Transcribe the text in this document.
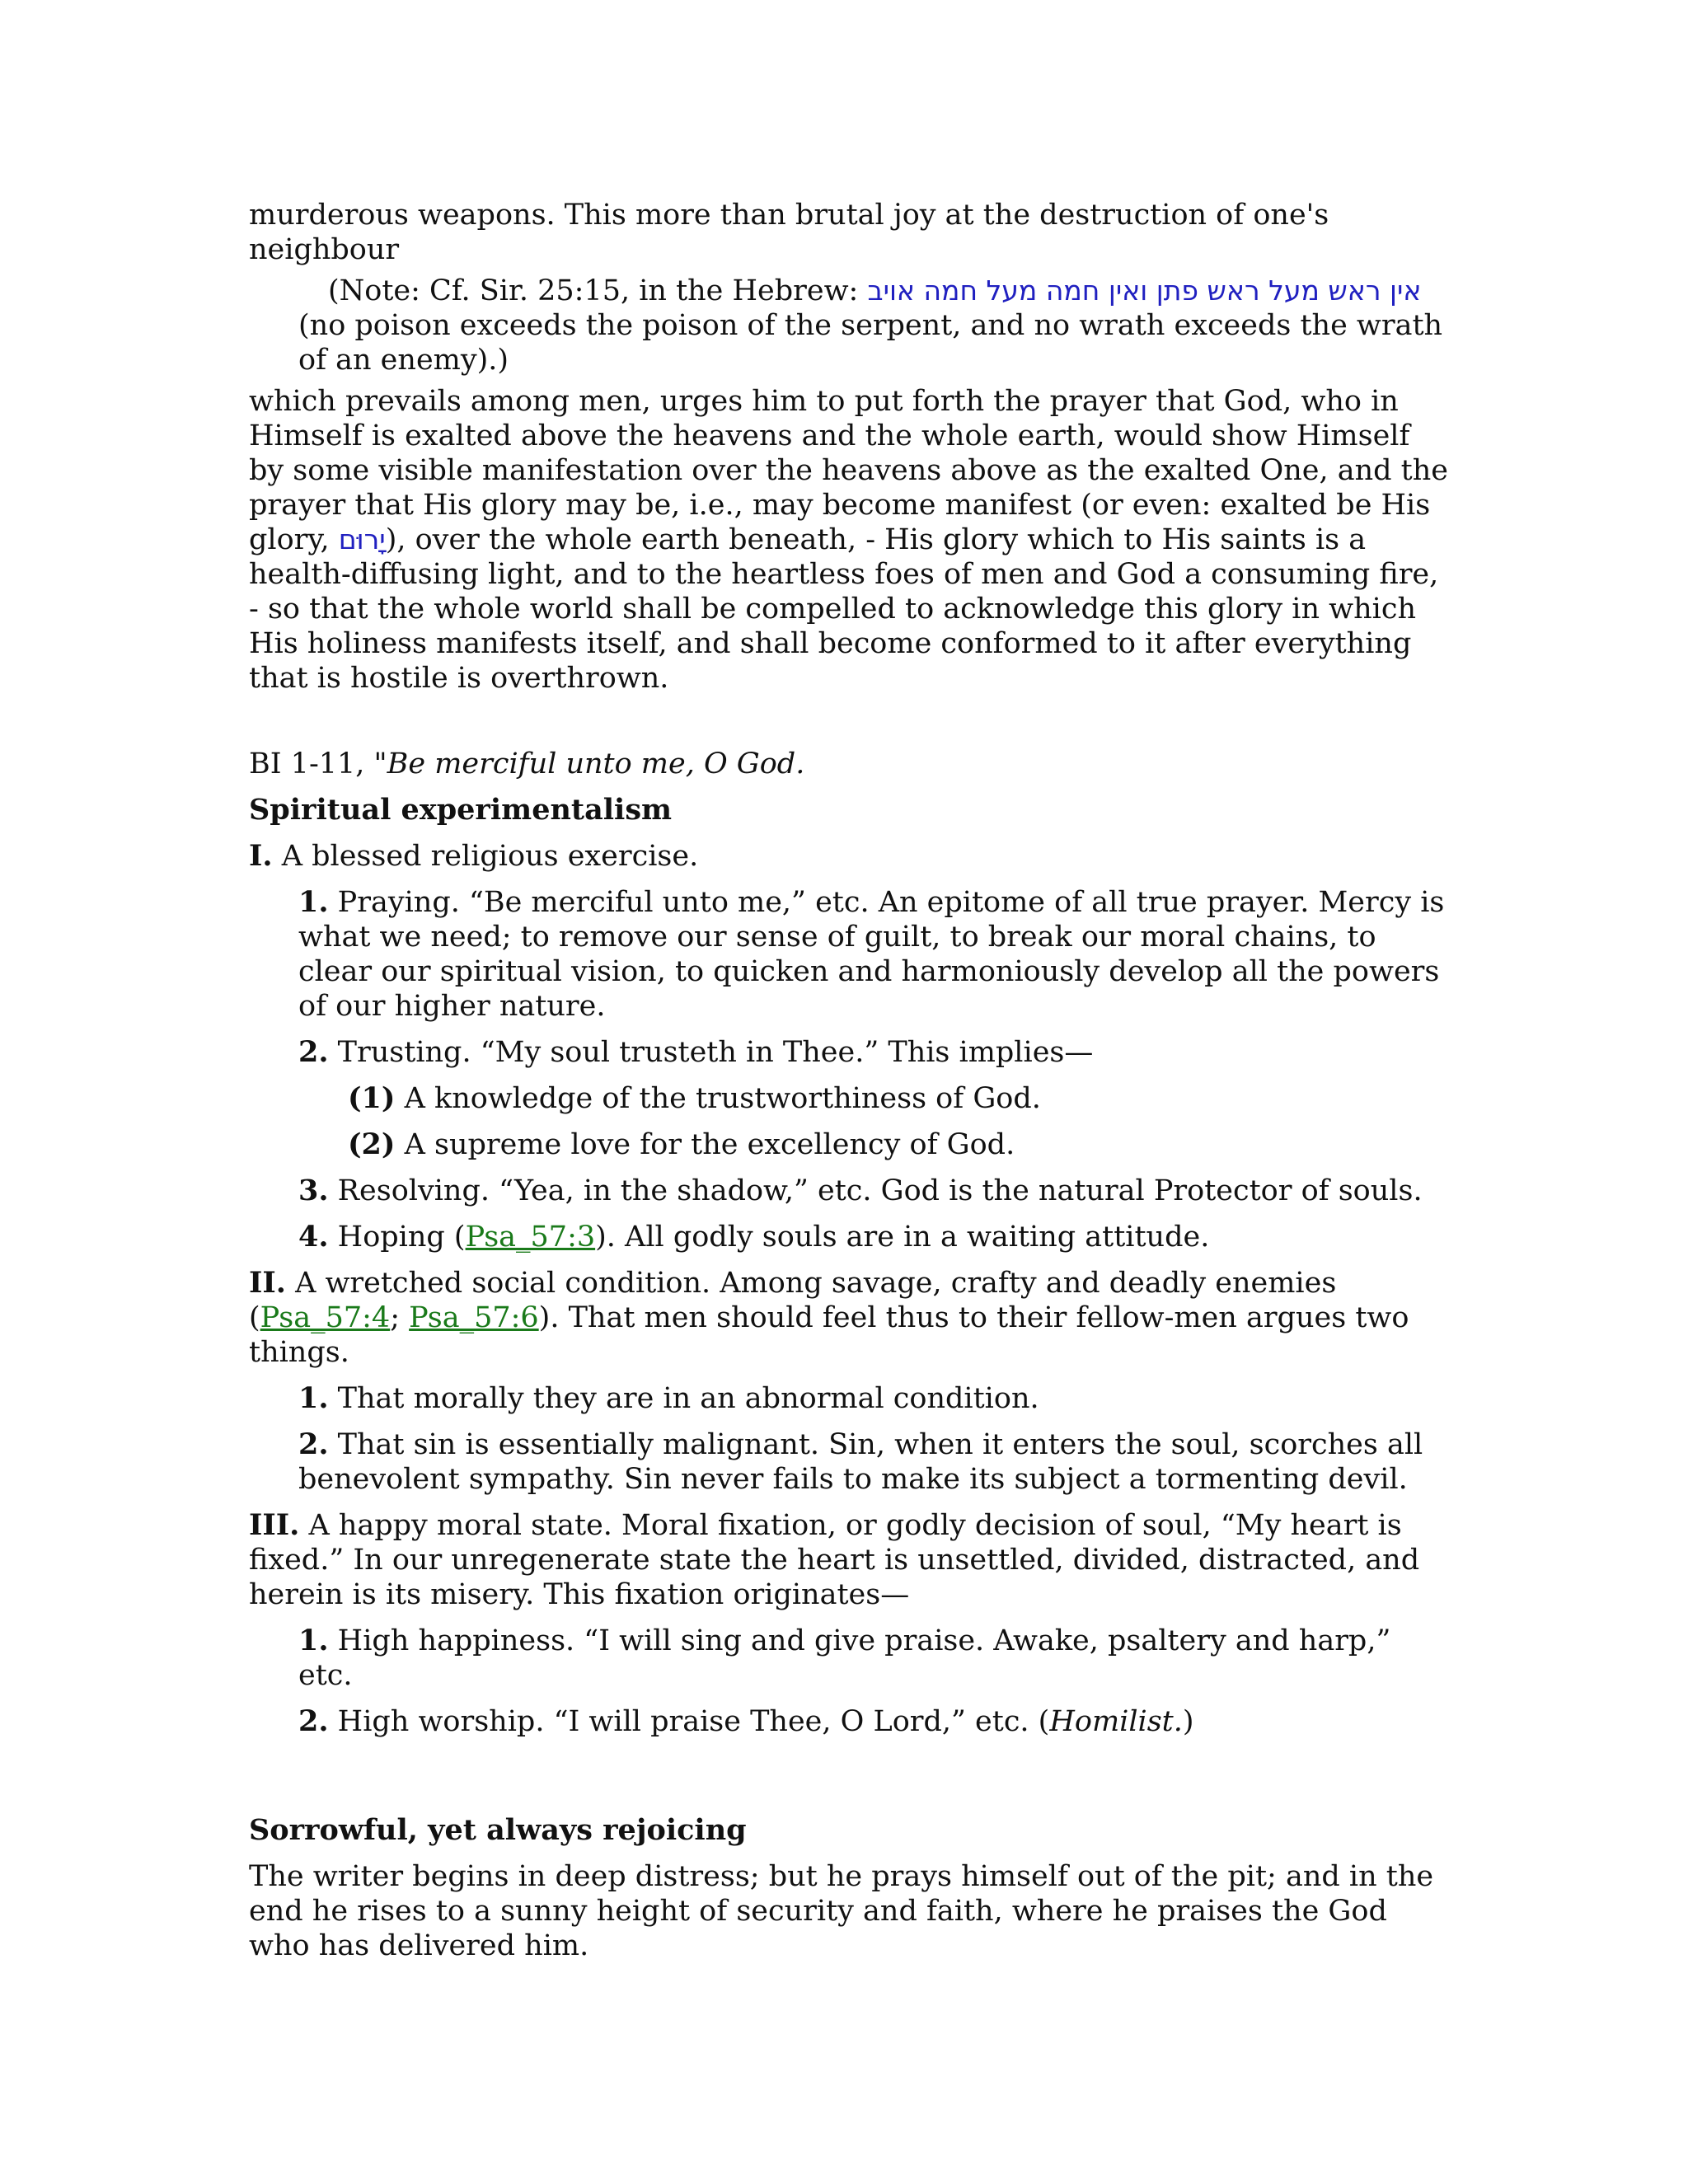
murderous weapons. This more than brutal joy at the destruction of one's neighbour

(Note: Cf. Sir. 25:15, in the Hebrew: אין ראש מעל ראש פתן ואין חמה מעל חמה אויב (no poison exceeds the poison of the serpent, and no wrath exceeds the wrath of an enemy).)

which prevails among men, urges him to put forth the prayer that God, who in Himself is exalted above the heavens and the whole earth, would show Himself by some visible manifestation over the heavens above as the exalted One, and the prayer that His glory may be, i.e., may become manifest (or even: exalted be His glory, יָרוּם), over the whole earth beneath, - His glory which to His saints is a health-diffusing light, and to the heartless foes of men and God a consuming fire, - so that the whole world shall be compelled to acknowledge this glory in which His holiness manifests itself, and shall become conformed to it after everything that is hostile is overthrown.

BI 1-11, "Be merciful unto me, O God.

Spiritual experimentalism

I. A blessed religious exercise.

1. Praying. “Be merciful unto me,” etc. An epitome of all true prayer. Mercy is what we need; to remove our sense of guilt, to break our moral chains, to clear our spiritual vision, to quicken and harmoniously develop all the powers of our higher nature.

2. Trusting. “My soul trusteth in Thee.” This implies—

(1) A knowledge of the trustworthiness of God.

(2) A supreme love for the excellency of God.

3. Resolving. “Yea, in the shadow,” etc. God is the natural Protector of souls.

4. Hoping (Psa_57:3). All godly souls are in a waiting attitude.

II. A wretched social condition. Among savage, crafty and deadly enemies (Psa_57:4; Psa_57:6). That men should feel thus to their fellow-men argues two things.

1. That morally they are in an abnormal condition.

2. That sin is essentially malignant. Sin, when it enters the soul, scorches all benevolent sympathy. Sin never fails to make its subject a tormenting devil.

III. A happy moral state. Moral fixation, or godly decision of soul, “My heart is fixed.” In our unregenerate state the heart is unsettled, divided, distracted, and herein is its misery. This fixation originates—

1. High happiness. “I will sing and give praise. Awake, psaltery and harp,” etc.

2. High worship. “I will praise Thee, O Lord,” etc. (Homilist.)

Sorrowful, yet always rejoicing

The writer begins in deep distress; but he prays himself out of the pit; and in the end he rises to a sunny height of security and faith, where he praises the God who has delivered him.
